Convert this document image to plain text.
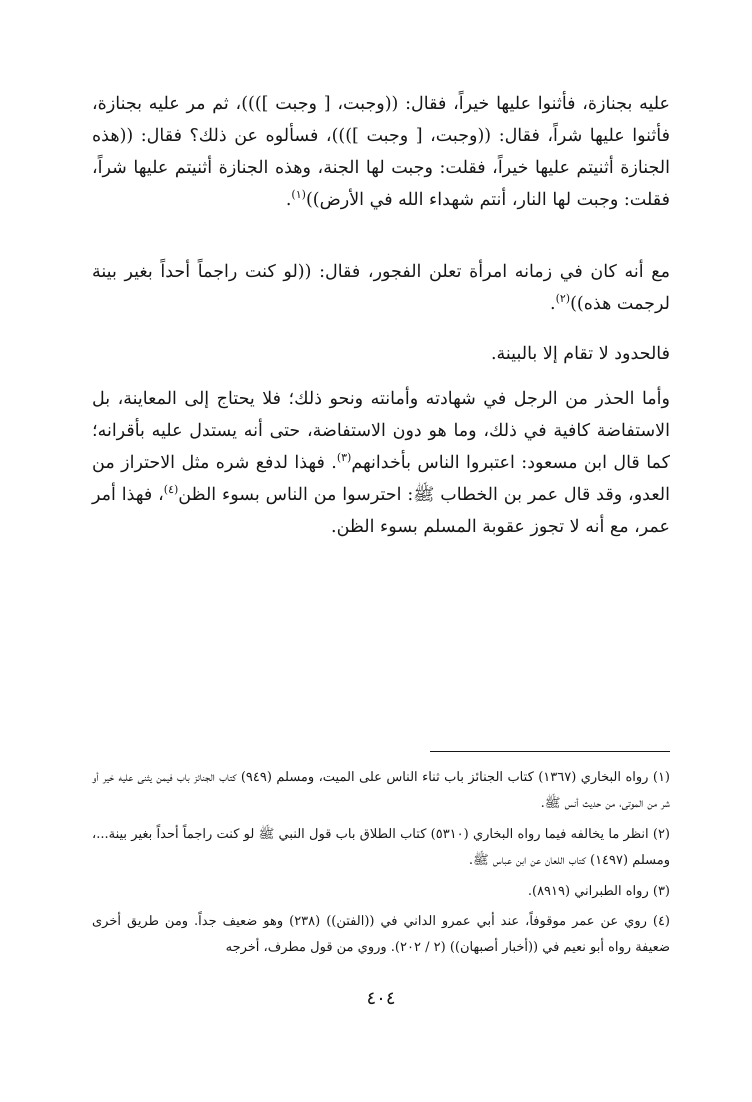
عليه بجنازة، فأثنوا عليها خيراً، فقال: ((وجبت، [ وجبت ])))، ثم مر عليه بجنازة، فأثنوا عليها شراً، فقال: ((وجبت، [ وجبت ])))، فسألوه عن ذلك؟ فقال: ((هذه الجنازة أثنيتم عليها خيراً، فقلت: وجبت لها الجنة، وهذه الجنازة أثنيتم عليها شراً، فقلت: وجبت لها النار، أنتم شهداء الله في الأرض))$^{(١)}$.

مع أنه كان في زمانه امرأة تعلن الفجور، فقال: ((لو كنت راجماً أحداً بغير بينة لرجمت هذه))$^{(٢)}$.

فالحدود لا تقام إلا بالبينة.

وأما الحذر من الرجل في شهادته وأمانته ونحو ذلك؛ فلا يحتاج إلى المعاينة، بل الاستفاضة كافية في ذلك، وما هو دون الاستفاضة، حتى أنه يستدل عليه بأقرانه؛ كما قال ابن مسعود: اعتبروا الناس بأخدانهم$^{(٣)}$. فهذا لدفع شره مثل الاحتراز من العدو، وقد قال عمر بن الخطاب ﷺ: احترسوا من الناس بسوء الظن$^{(٤)}$، فهذا أمر عمر، مع أنه لا تجوز عقوبة المسلم بسوء الظن.

(١) رواه البخاري (١٣٦٧) كتاب الجنائز باب ثناء الناس على الميت، ومسلم (٩٤٩) كتاب الجنائز باب فيمن يثنى عليه خير أو شر من الموتى، من حديث أنس ﷺ.

(٢) انظر ما يخالفه فيما رواه البخاري (٥٣١٠) كتاب الطلاق باب قول النبي ﷺ لو كنت راجماً أحداً بغير بينة...، ومسلم (١٤٩٧) كتاب اللعان عن ابن عباس ﷺ.

(٣) رواه الطبراني (٨٩١٩).

(٤) روي عن عمر موقوفاً، عند أبي عمرو الداني في ((الفتن)) (٢٣٨) وهو ضعيف جداً. ومن طريق أخرى ضعيفة رواه أبو نعيم في ((أخبار أصبهان)) (٢ / ٢٠٢). وروي من قول مطرف، أخرجه

٤٠٤
